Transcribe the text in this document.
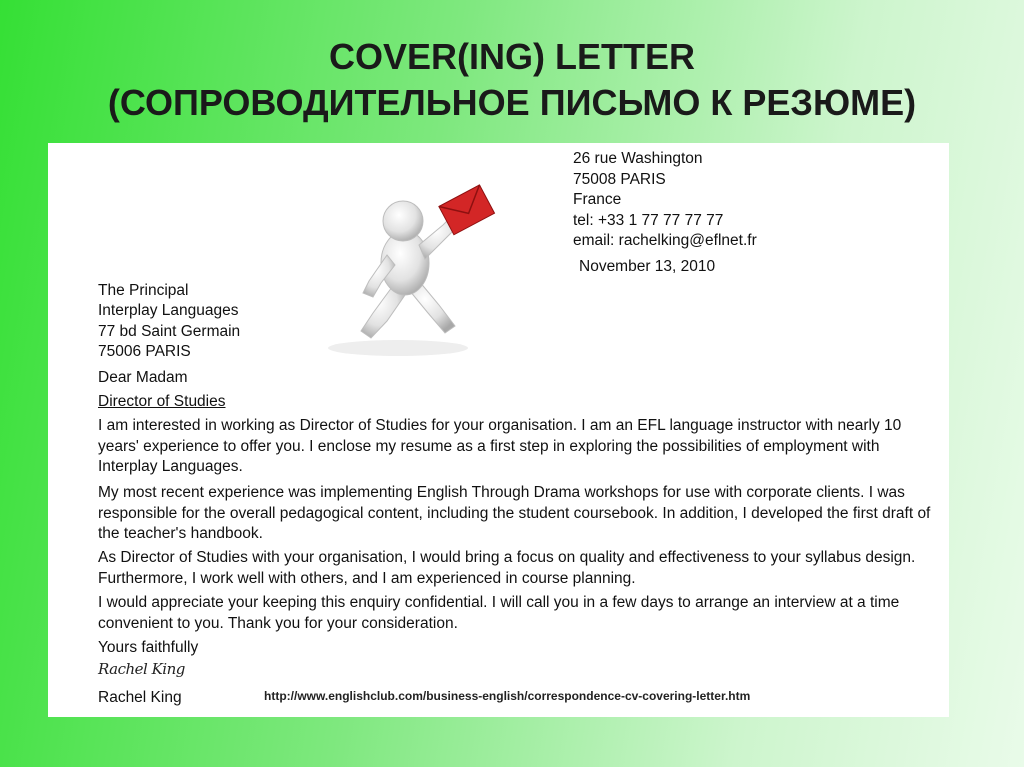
COVER(ING) LETTER
(СОПРОВОДИТЕЛЬНОЕ ПИСЬМО К РЕЗЮМЕ)
26 rue Washington
75008 PARIS
France
tel: +33 1 77 77 77 77
email: rachelking@eflnet.fr
November 13, 2010
The Principal
Interplay Languages
77 bd Saint Germain
75006 PARIS
Dear Madam
Director of Studies
I am interested in working as Director of Studies for your organisation. I am an EFL language instructor with nearly 10 years' experience to offer you. I enclose my resume as a first step in exploring the possibilities of employment with Interplay Languages.
My most recent experience was implementing English Through Drama workshops for use with corporate clients. I was responsible for the overall pedagogical content, including the student coursebook. In addition, I developed the first draft of the teacher's handbook.
As Director of Studies with your organisation, I would bring a focus on quality and effectiveness to your syllabus design. Furthermore, I work well with others, and I am experienced in course planning.
I would appreciate your keeping this enquiry confidential. I will call you in a few days to arrange an interview at a time convenient to you. Thank you for your consideration.
Yours faithfully
Rachel King
Rachel King	http://www.englishclub.com/business-english/correspondence-cv-covering-letter.htm
